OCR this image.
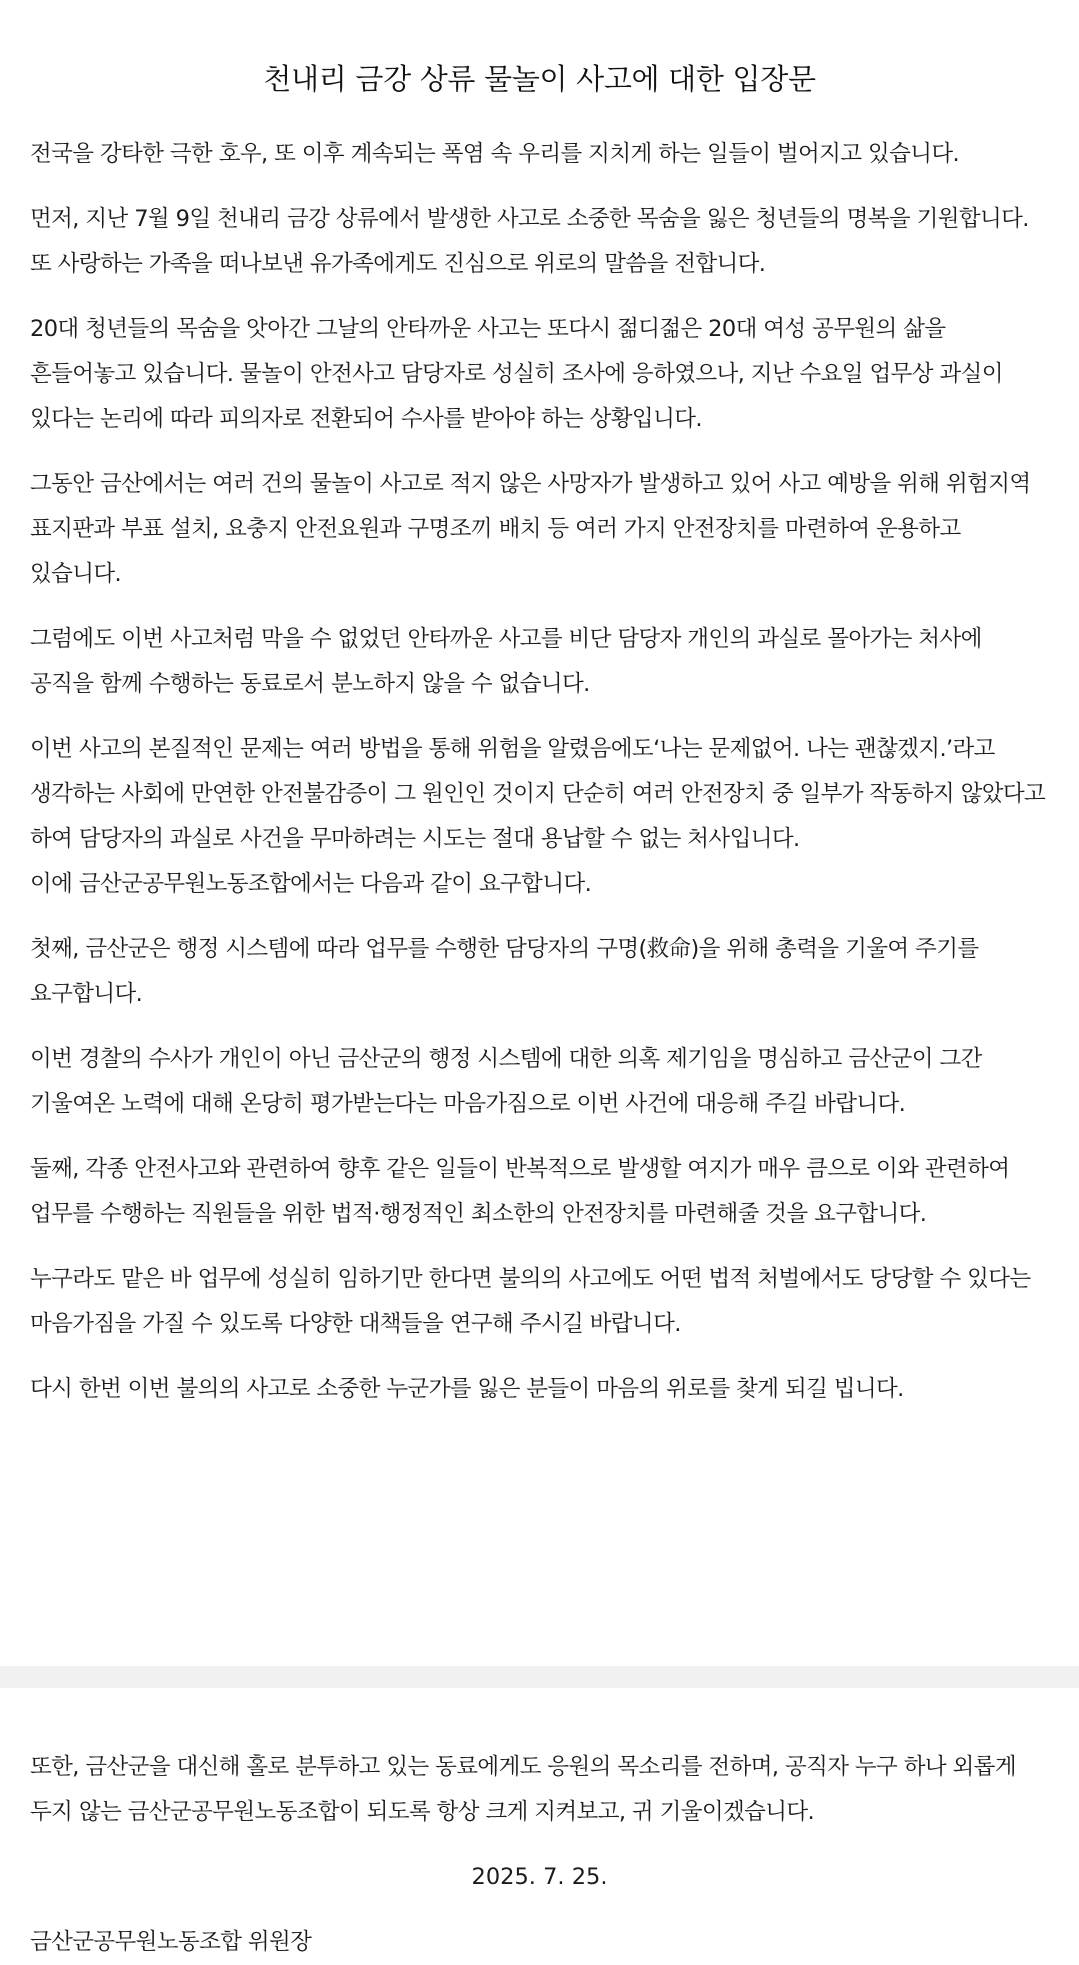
천내리 금강 상류 물놀이 사고에 대한 입장문

전국을 강타한 극한 호우, 또 이후 계속되는 폭염 속 우리를 지치게 하는 일들이 벌어지고 있습니다.

먼저, 지난 7월 9일 천내리 금강 상류에서 발생한 사고로 소중한 목숨을 잃은 청년들의 명복을 기원합니다. 또 사랑하는 가족을 떠나보낸 유가족에게도 진심으로 위로의 말씀을 전합니다.

20대 청년들의 목숨을 앗아간 그날의 안타까운 사고는 또다시 젊디젊은 20대 여성 공무원의 삶을 흔들어놓고 있습니다. 물놀이 안전사고 담당자로 성실히 조사에 응하였으나, 지난 수요일 업무상 과실이 있다는 논리에 따라 피의자로 전환되어 수사를 받아야 하는 상황입니다.

그동안 금산에서는 여러 건의 물놀이 사고로 적지 않은 사망자가 발생하고 있어 사고 예방을 위해 위험지역 표지판과 부표 설치, 요충지 안전요원과 구명조끼 배치 등 여러 가지 안전장치를 마련하여 운용하고 있습니다.

그럼에도 이번 사고처럼 막을 수 없었던 안타까운 사고를 비단 담당자 개인의 과실로 몰아가는 처사에 공직을 함께 수행하는 동료로서 분노하지 않을 수 없습니다.

이번 사고의 본질적인 문제는 여러 방법을 통해 위험을 알렸음에도‘나는 문제없어. 나는 괜찮겠지.’라고 생각하는 사회에 만연한 안전불감증이 그 원인인 것이지 단순히 여러 안전장치 중 일부가 작동하지 않았다고 하여 담당자의 과실로 사건을 무마하려는 시도는 절대 용납할 수 없는 처사입니다.

이에 금산군공무원노동조합에서는 다음과 같이 요구합니다.

첫째, 금산군은 행정 시스템에 따라 업무를 수행한 담당자의 구명(救命)을 위해 총력을 기울여 주기를 요구합니다.

이번 경찰의 수사가 개인이 아닌 금산군의 행정 시스템에 대한 의혹 제기임을 명심하고 금산군이 그간 기울여온 노력에 대해 온당히 평가받는다는 마음가짐으로 이번 사건에 대응해 주길 바랍니다.

둘째, 각종 안전사고와 관련하여 향후 같은 일들이 반복적으로 발생할 여지가 매우 큼으로 이와 관련하여 업무를 수행하는 직원들을 위한 법적·행정적인 최소한의 안전장치를 마련해줄 것을 요구합니다.

누구라도 맡은 바 업무에 성실히 임하기만 한다면 불의의 사고에도 어떤 법적 처벌에서도 당당할 수 있다는 마음가짐을 가질 수 있도록 다양한 대책들을 연구해 주시길 바랍니다.

다시 한번 이번 불의의 사고로 소중한 누군가를 잃은 분들이 마음의 위로를 찾게 되길 빕니다.

또한, 금산군을 대신해 홀로 분투하고 있는 동료에게도 응원의 목소리를 전하며, 공직자 누구 하나 외롭게 두지 않는 금산군공무원노동조합이 되도록 항상 크게 지켜보고, 귀 기울이겠습니다.

2025. 7. 25.

금산군공무원노동조합 위원장
